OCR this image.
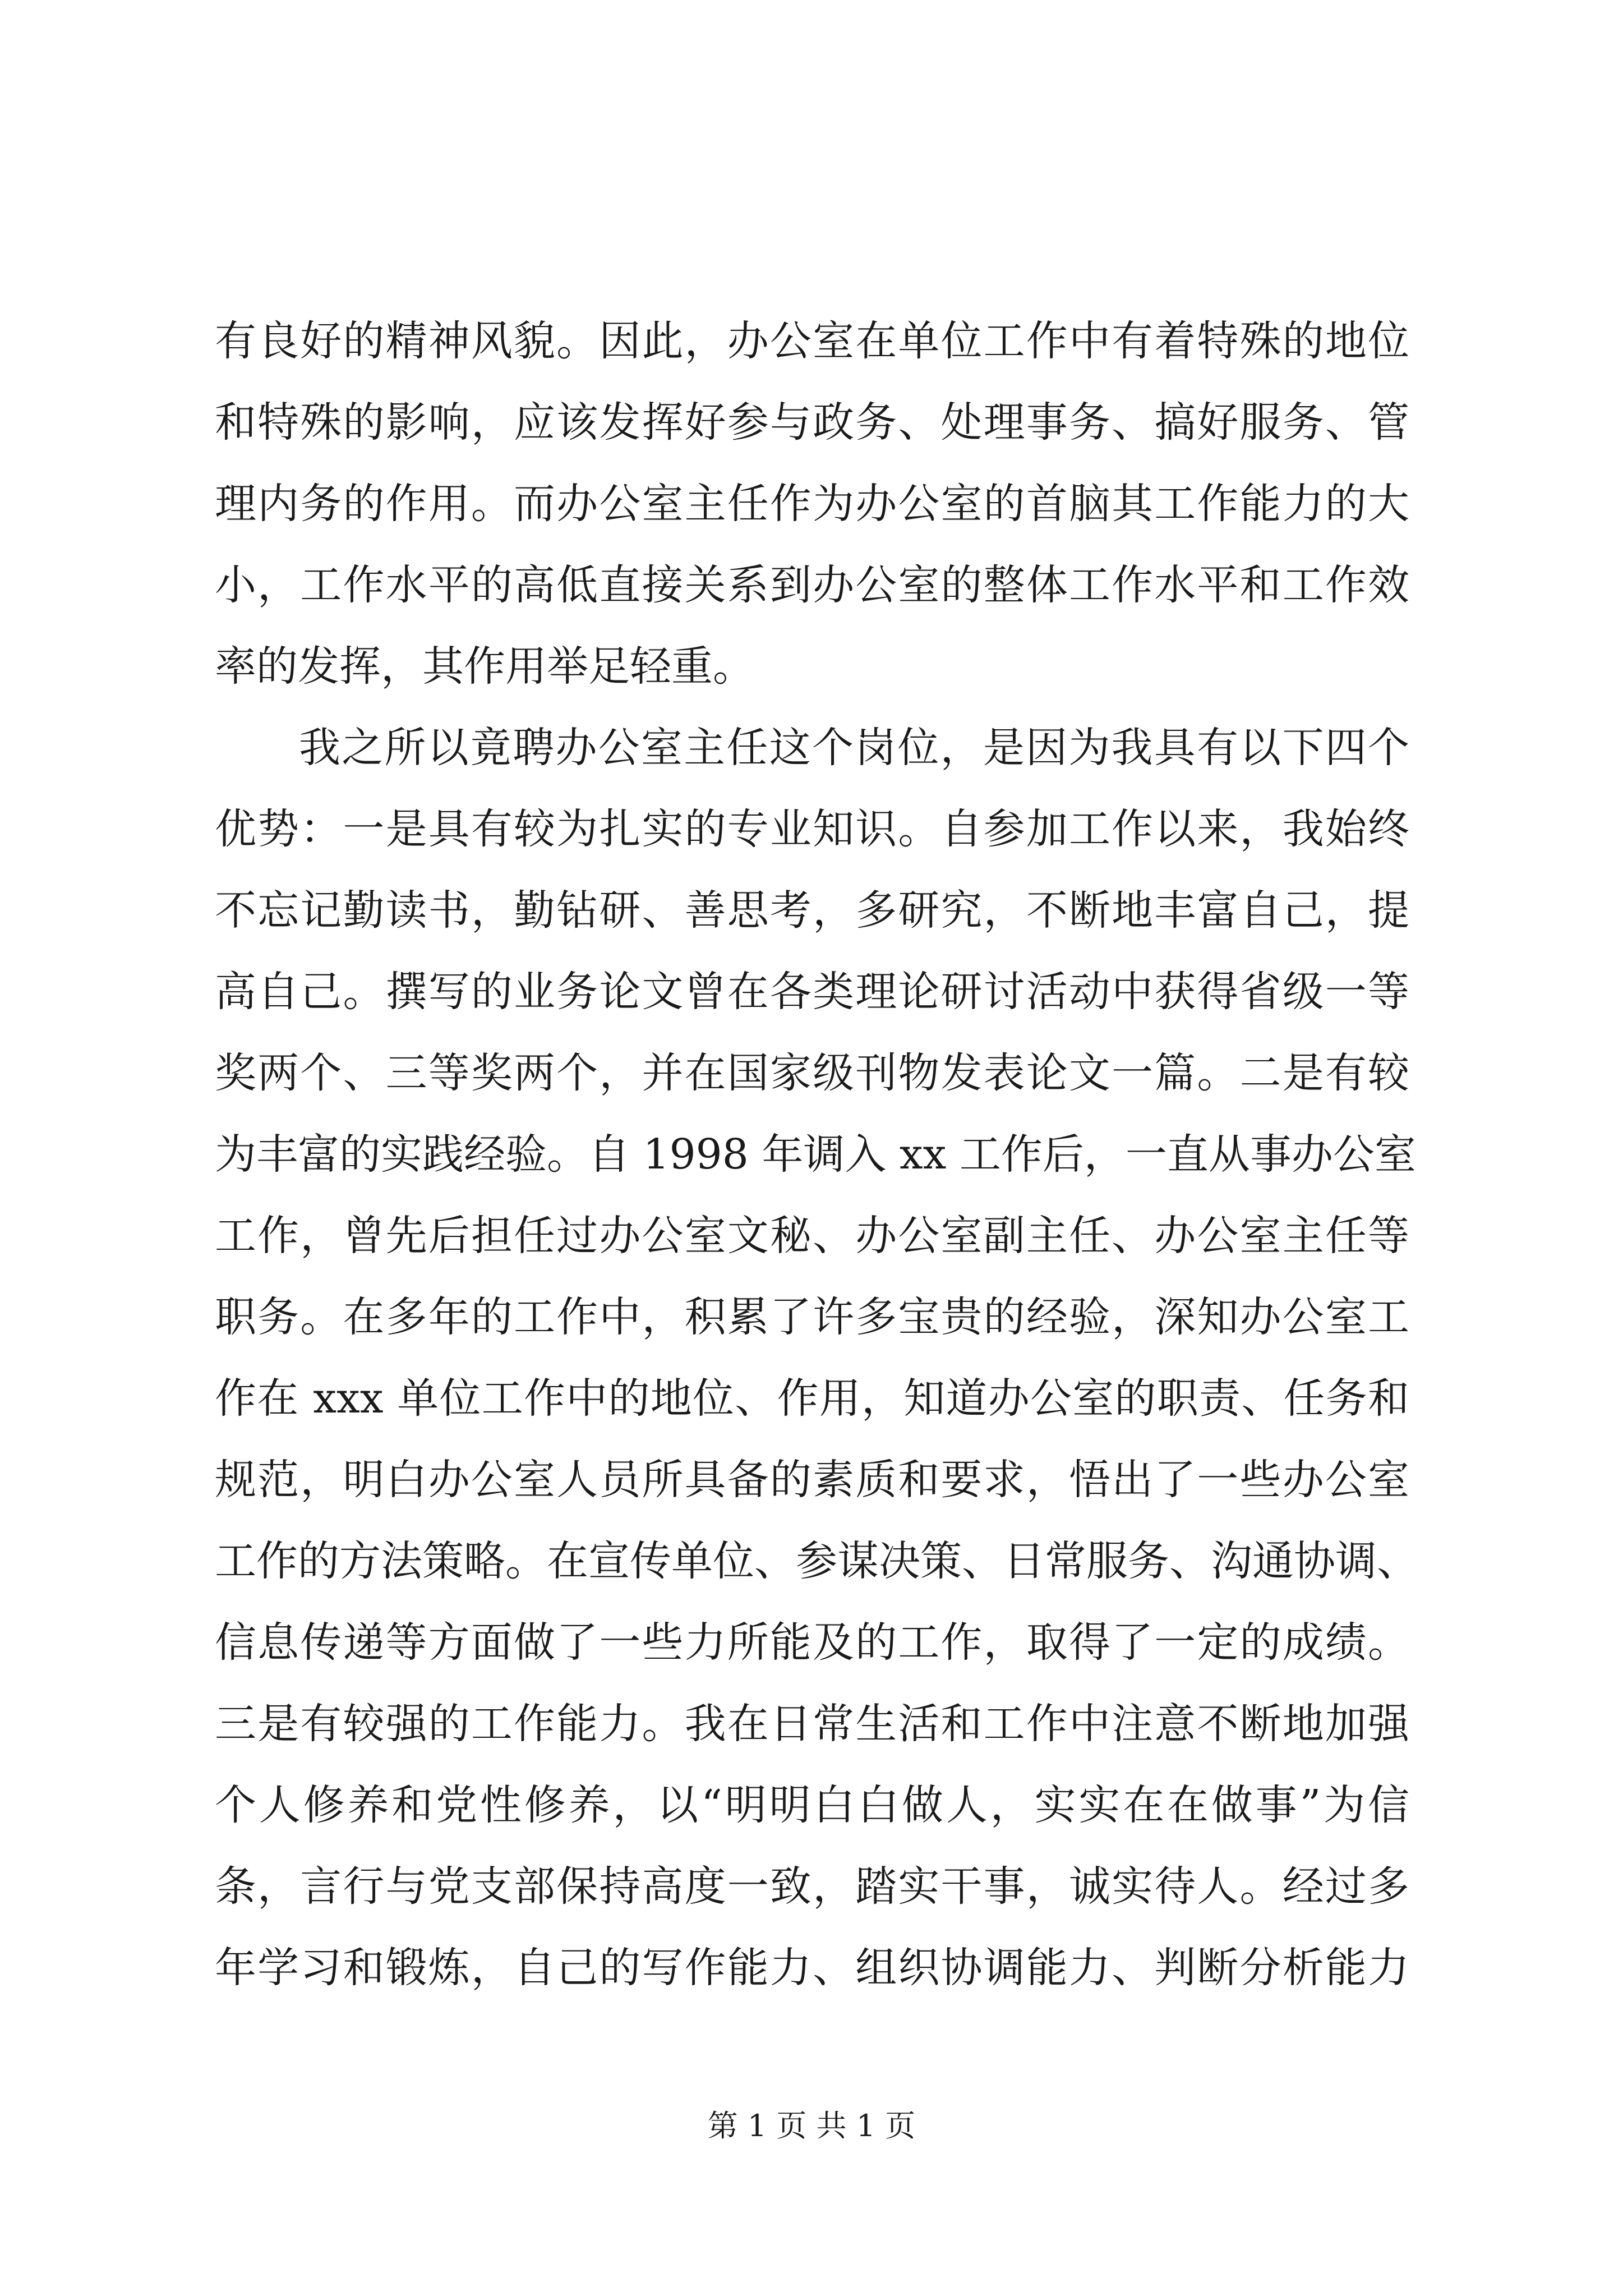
有良好的精神风貌。因此，办公室在单位工作中有着特殊的地位
和特殊的影响，应该发挥好参与政务、处理事务、搞好服务、管
理内务的作用。而办公室主任作为办公室的首脑其工作能力的大
小，工作水平的高低直接关系到办公室的整体工作水平和工作效
率的发挥，其作用举足轻重。
我之所以竟聘办公室主任这个岗位，是因为我具有以下四个
优势：一是具有较为扎实的专业知识。自参加工作以来，我始终
不忘记勤读书，勤钻研、善思考，多研究，不断地丰富自己，提
高自己。撰写的业务论文曾在各类理论研讨活动中获得省级一等
奖两个、三等奖两个，并在国家级刊物发表论文一篇。二是有较
为丰富的实践经验。自 1998 年调入 xx 工作后，一直从事办公室
工作，曾先后担任过办公室文秘、办公室副主任、办公室主任等
职务。在多年的工作中，积累了许多宝贵的经验，深知办公室工
作在 xxx 单位工作中的地位、作用，知道办公室的职责、任务和
规范，明白办公室人员所具备的素质和要求，悟出了一些办公室
工作的方法策略。在宣传单位、参谋决策、日常服务、沟通协调、
信息传递等方面做了一些力所能及的工作，取得了一定的成绩。
三是有较强的工作能力。我在日常生活和工作中注意不断地加强
个人修养和党性修养，以“明明白白做人，实实在在做事”为信
条，言行与党支部保持高度一致，踏实干事，诚实待人。经过多
年学习和锻炼，自己的写作能力、组织协调能力、判断分析能力
第 1 页 共 1 页
